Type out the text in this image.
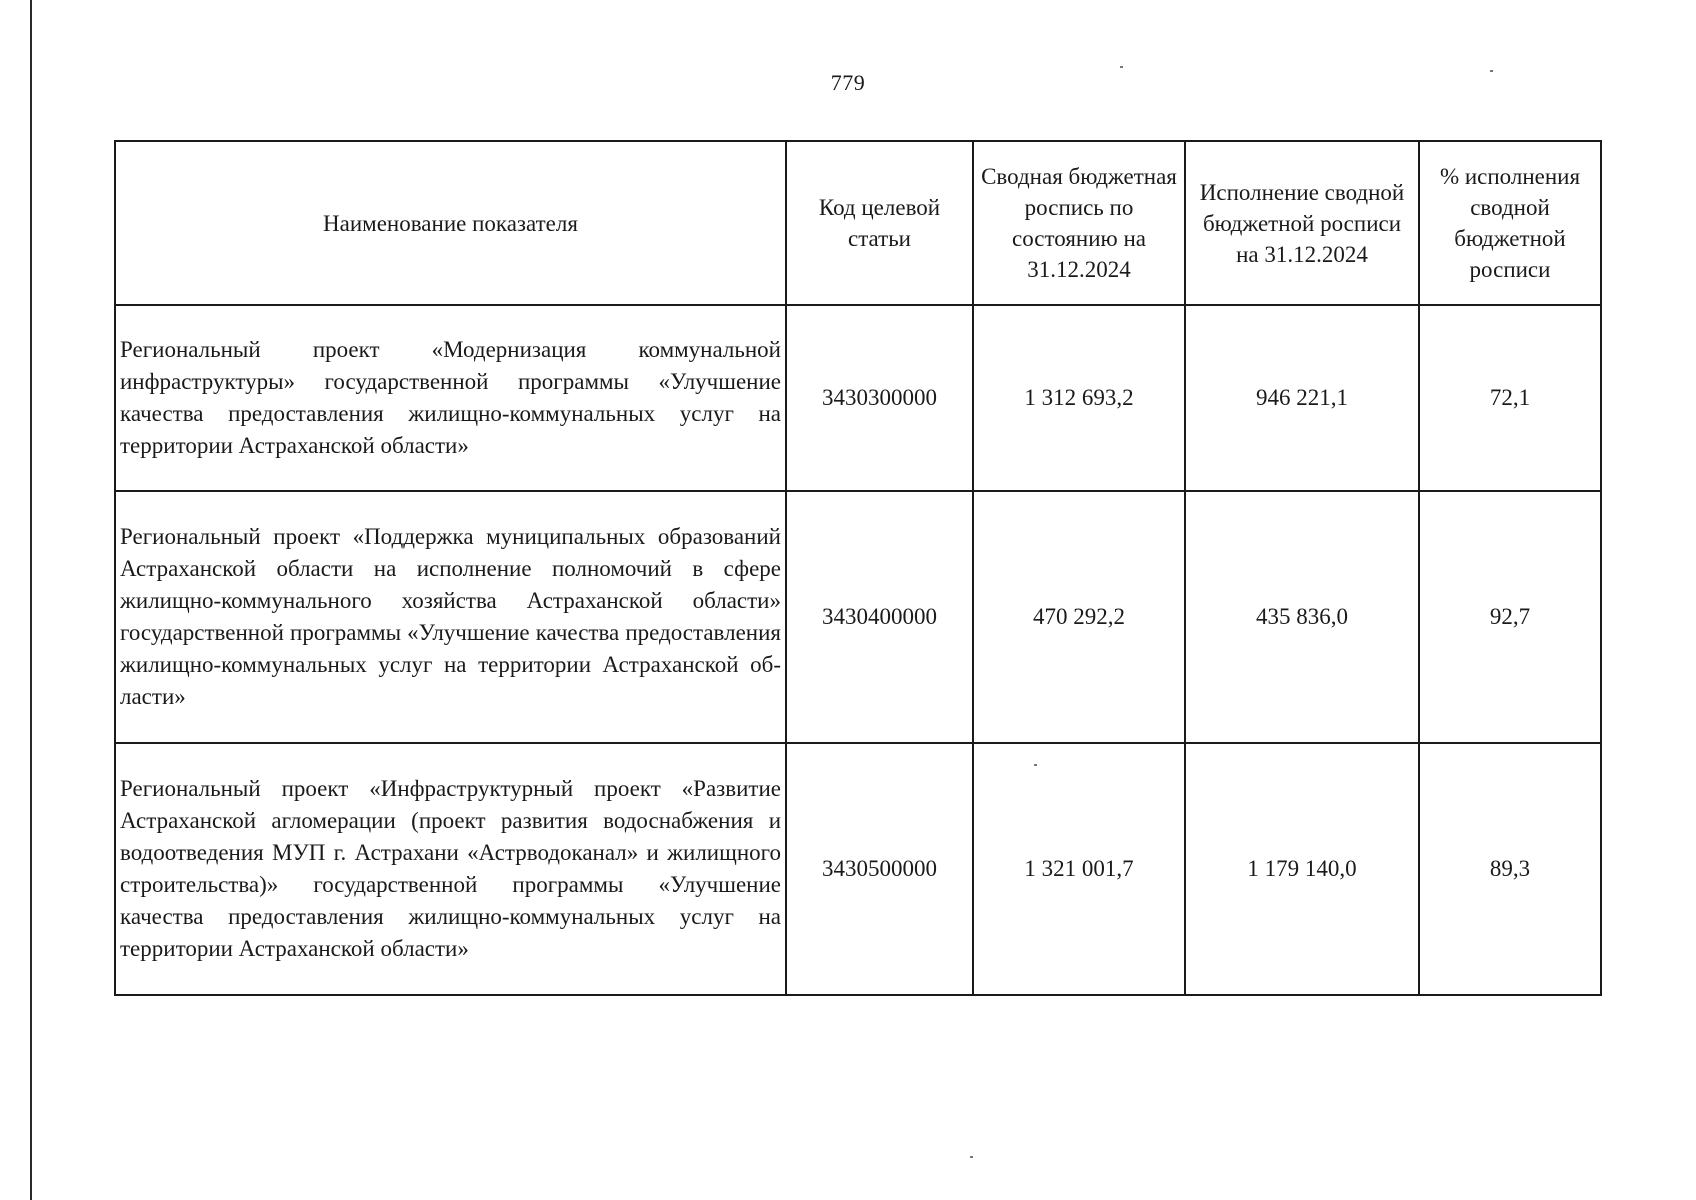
779
Наименование показателя	Код целевой статьи	Сводная бюджетная роспись по состоянию на 31.12.2024	Исполнение сводной бюджетной росписи на 31.12.2024	% исполнения сводной бюджетной росписи
Региональный проект «Модернизация коммунальной инфраструктуры» государственной программы «Улучшение качества предоставления жилищно-коммунальных услуг на территории Астраханской области»	3430300000	1 312 693,2	946 221,1	72,1
Региональный проект «Поддержка муниципальных образований Астраханской области на исполнение полномочий в сфере жилищно-коммунального хозяйства Астраханской области» государственной программы «Улучшение качества предоставления жилищно-коммунальных услуг на территории Астраханской области»	3430400000	470 292,2	435 836,0	92,7
Региональный проект «Инфраструктурный проект «Развитие Астраханской агломерации (проект развития водоснабжения и водоотведения МУП г. Астрахани «Астрводоканал» и жилищного строительства)» государственной программы «Улучшение качества предоставления жилищно-коммунальных услуг на территории Астраханской области»	3430500000	1 321 001,7	1 179 140,0	89,3
